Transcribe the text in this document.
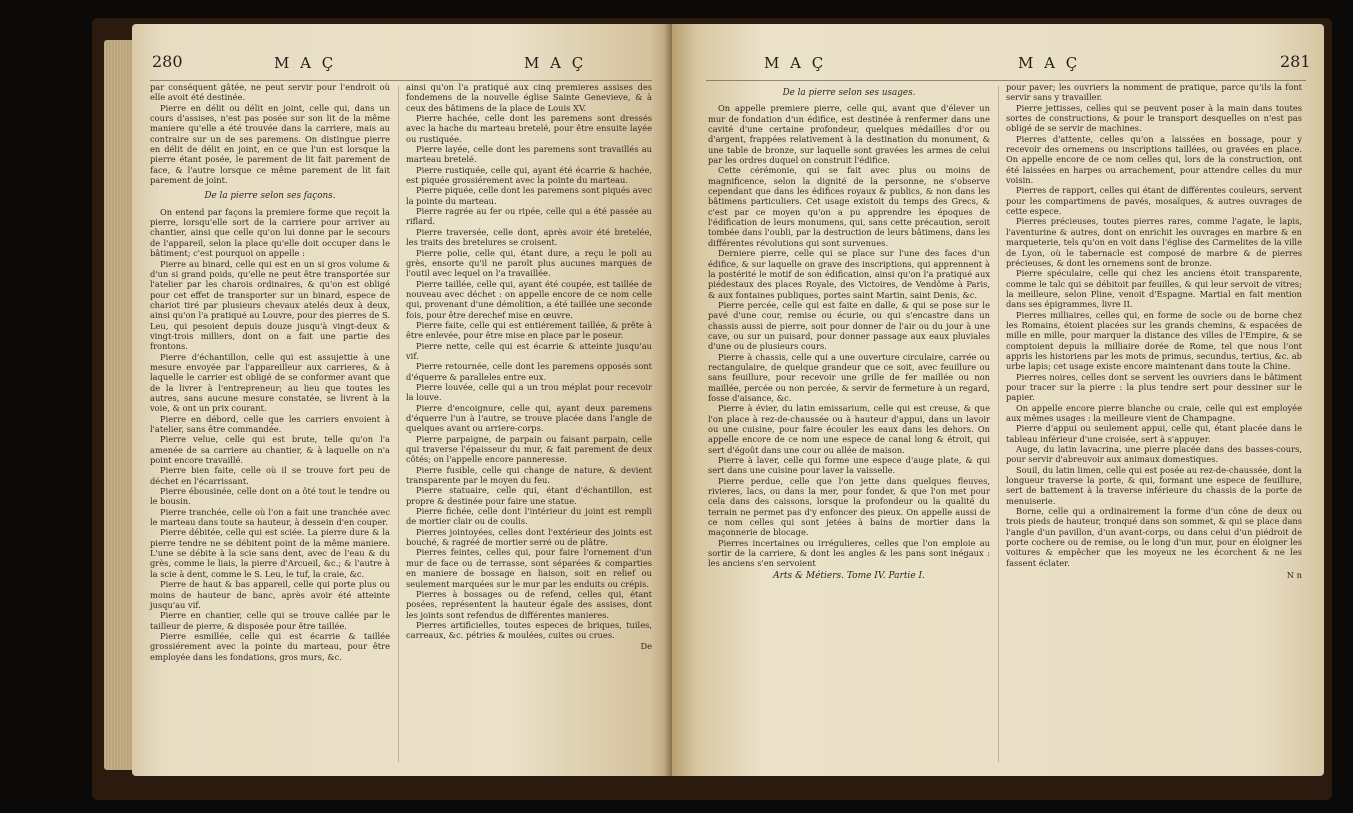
280	M A Ç	M A Ç

par conséquent gâtée, ne peut servir pour l'endroit où elle avoit été destinée.

Pierre en délit ou délit en joint, celle qui, dans un cours d'assises, n'est pas posée sur son lit de la même maniere qu'elle a été trouvée dans la carriere, mais au contraire sur un de ses paremens. On distingue pierre en délit de délit en joint, en ce que l'un est lorsque la pierre étant posée, le parement de lit fait parement de face, & l'autre lorsque ce même parement de lit fait parement de joint.

De la pierre selon ses façons.

On entend par façons la premiere forme que reçoit la pierre, lorsqu'elle sort de la carriere pour arriver au chantier, ainsi que celle qu'on lui donne par le secours de l'appareil, selon la place qu'elle doit occuper dans le bâtiment; c'est pourquoi on appelle :

Pierre au binard, celle qui est en un si gros volume & d'un si grand poids, qu'elle ne peut être transportée sur l'atelier par les charois ordinaires, & qu'on est obligé pour cet effet de transporter sur un binard, espece de chariot tiré par plusieurs chevaux atelés deux à deux, ainsi qu'on l'a pratiqué au Louvre, pour des pierres de S. Leu, qui pesoient depuis douze jusqu'à vingt-deux & vingt-trois milliers, dont on a fait une partie des frontons.

Pierre d'échantillon, celle qui est assujettie à une mesure envoyée par l'appareilleur aux carrieres, & à laquelle le carrier est obligé de se conformer avant que de la livrer à l'entrepreneur; au lieu que toutes les autres, sans aucune mesure constatée, se livrent à la voie, & ont un prix courant.

Pierre en débord, celle que les carriers envoient à l'atelier, sans être commandée.

Pierre velue, celle qui est brute, telle qu'on l'a amenée de sa carriere au chantier, & à laquelle on n'a point encore travaillé.

Pierre bien faite, celle où il se trouve fort peu de déchet en l'écarrissant.

Pierre ébousinée, celle dont on a ôté tout le tendre ou le bousin.

Pierre tranchée, celle où l'on a fait une tranchée avec le marteau dans toute sa hauteur, à dessein d'en couper.

Pierre débitée, celle qui est sciée. La pierre dure & la pierre tendre ne se débitent point de la même maniere. L'une se débite à la scie sans dent, avec de l'eau & du grès, comme le liais, la pierre d'Arcueil, &c.; & l'autre à la scie à dent, comme le S. Leu, le tuf, la craie, &c.

Pierre de haut & bas appareil, celle qui porte plus ou moins de hauteur de banc, après avoir été atteinte jusqu'au vif.

Pierre en chantier, celle qui se trouve callée par le tailleur de pierre, & disposée pour être taillée.

Pierre esmillée, celle qui est écarrie & taillée grossiérement avec la pointe du marteau, pour être employée dans les fondations, gros murs, &c.

ainsi qu'on l'a pratiqué aux cinq premieres assises des fondemens de la nouvelle église Sainte Genevieve, & à ceux des bâtimens de la place de Louis XV.

Pierre hachée, celle dont les paremens sont dressés avec la hache du marteau bretelé, pour être ensuite layée ou rustiquée.

Pierre layée, celle dont les paremens sont travaillés au marteau bretelé.

Pierre rustiquée, celle qui, ayant été écarrie & hachée, est piquée grossiérement avec la pointe du marteau.

Pierre piquée, celle dont les paremens sont piqués avec la pointe du marteau.

Pierre ragrée au fer ou ripée, celle qui a été passée au riflard.

Pierre traversée, celle dont, après avoir été bretelée, les traits des bretelures se croisent.

Pierre polie, celle qui, étant dure, a reçu le poli au grès, ensorte qu'il ne paroît plus aucunes marques de l'outil avec lequel on l'a travaillée.

Pierre taillée, celle qui, ayant été coupée, est taillée de nouveau avec déchet : on appelle encore de ce nom celle qui, provenant d'une démolition, a été taillée une seconde fois, pour être derechef mise en œuvre.

Pierre faite, celle qui est entiérement taillée, & prête à être enlevée, pour être mise en place par le poseur.

Pierre nette, celle qui est écarrie & atteinte jusqu'au vif.

Pierre retournée, celle dont les paremens opposés sont d'équerre & paralleles entre eux.

Pierre louvée, celle qui a un trou méplat pour recevoir la louve.

Pierre d'encoignure, celle qui, ayant deux paremens d'équerre l'un à l'autre, se trouve placée dans l'angle de quelques avant ou arriere-corps.

Pierre parpaigne, de parpain ou faisant parpain, celle qui traverse l'épaisseur du mur, & fait parement de deux côtés; on l'appelle encore panneresse.

Pierre fusible, celle qui change de nature, & devient transparente par le moyen du feu.

Pierre statuaire, celle qui, étant d'échantillon, est propre & destinée pour faire une statue.

Pierre fichée, celle dont l'intérieur du joint est rempli de mortier clair ou de coulis.

Pierres jointoyées, celles dont l'extérieur des joints est bouché, & ragréé de mortier serré ou de plâtre.

Pierres feintes, celles qui, pour faire l'ornement d'un mur de face ou de terrasse, sont séparées & comparties en maniere de bossage en liaison, soit en relief ou seulement marquées sur le mur par les enduits ou crépis.

Pierres à bossages ou de refend, celles qui, étant posées, représentent la hauteur égale des assises, dont les joints sont refendus de différentes manieres.

Pierres artificielles, toutes especes de briques, tuiles, carreaux, &c. pétries & moulées, cuites ou crues.

De

M A Ç	M A Ç	281

De la pierre selon ses usages.

On appelle premiere pierre, celle qui, avant que d'élever un mur de fondation d'un édifice, est destinée à renfermer dans une cavité d'une certaine profondeur, quelques médailles d'or ou d'argent, frappées relativement à la destination du monument, & une table de bronze, sur laquelle sont gravées les armes de celui par les ordres duquel on construit l'édifice.

Cette cérémonie, qui se fait avec plus ou moins de magnificence, selon la dignité de la personne, ne s'observe cependant que dans les édifices royaux & publics, & non dans les bâtimens particuliers. Cet usage existoit du temps des Grecs, & c'est par ce moyen qu'on a pu apprendre les époques de l'édification de leurs monumens, qui, sans cette précaution, seroit tombée dans l'oubli, par la destruction de leurs bâtimens, dans les différentes révolutions qui sont survenues.

Derniere pierre, celle qui se place sur l'une des faces d'un édifice, & sur laquelle on grave des inscriptions, qui apprennent à la postérité le motif de son édification, ainsi qu'on l'a pratiqué aux piédestaux des places Royale, des Victoires, de Vendôme à Paris, & aux fontaines publiques, portes saint Martin, saint Denis, &c.

Pierre percée, celle qui est faite en dalle, & qui se pose sur le pavé d'une cour, remise ou écurie, ou qui s'encastre dans un chassis aussi de pierre, soit pour donner de l'air ou du jour à une cave, ou sur un puisard, pour donner passage aux eaux pluviales d'une ou de plusieurs cours.

Pierre à chassis, celle qui a une ouverture circulaire, carrée ou rectangulaire, de quelque grandeur que ce soit, avec feuillure ou sans feuillure, pour recevoir une grille de fer maillée ou non maillée, percée ou non percée, & servir de fermeture à un regard, fosse d'aisance, &c.

Pierre à évier, du latin emissarium, celle qui est creuse, & que l'on place à rez-de-chaussée ou à hauteur d'appui, dans un lavoir ou une cuisine, pour faire écouler les eaux dans les dehors. On appelle encore de ce nom une espece de canal long & étroit, qui sert d'égoût dans une cour ou allée de maison.

Pierre à laver, celle qui forme une espece d'auge plate, & qui sert dans une cuisine pour laver la vaisselle.

Pierre perdue, celle que l'on jette dans quelques fleuves, rivieres, lacs, ou dans la mer, pour fonder, & que l'on met pour cela dans des caissons, lorsque la profondeur ou la qualité du terrain ne permet pas d'y enfoncer des pieux. On appelle aussi de ce nom celles qui sont jetées à bains de mortier dans la maçonnerie de blocage.

Pierres incertaines ou irrégulieres, celles que l'on emploie au sortir de la carriere, & dont les angles & les pans sont inégaux : les anciens s'en servoient

Arts & Métiers. Tome IV. Partie I.

pour paver; les ouvriers la nomment de pratique, parce qu'ils la font servir sans y travailler.

Pierre jettisses, celles qui se peuvent poser à la main dans toutes sortes de constructions, & pour le transport desquelles on n'est pas obligé de se servir de machines.

Pierres d'attente, celles qu'on a laissées en bossage, pour y recevoir des ornemens ou inscriptions taillées, ou gravées en place. On appelle encore de ce nom celles qui, lors de la construction, ont été laissées en harpes ou arrachement, pour attendre celles du mur voisin.

Pierres de rapport, celles qui étant de différentes couleurs, servent pour les compartimens de pavés, mosaïques, & autres ouvrages de cette espece.

Pierres précieuses, toutes pierres rares, comme l'agate, le lapis, l'aventurine & autres, dont on enrichit les ouvrages en marbre & en marqueterie, tels qu'on en voit dans l'église des Carmelites de la ville de Lyon, où le tabernacle est composé de marbre & de pierres précieuses, & dont les ornemens sont de bronze.

Pierre spéculaire, celle qui chez les anciens étoit transparente, comme le talc qui se débitoit par feuilles, & qui leur servoit de vitres; la meilleure, selon Pline, venoit d'Espagne. Martial en fait mention dans ses épigrammes, livre II.

Pierres milliaires, celles qui, en forme de socle ou de borne chez les Romains, étoient placées sur les grands chemins, & espacées de mille en mille, pour marquer la distance des villes de l'Empire, & se comptoient depuis la milliaire dorée de Rome, tel que nous l'ont appris les historiens par les mots de primus, secundus, tertius, &c. ab urbe lapis; cet usage existe encore maintenant dans toute la Chine.

Pierres noires, celles dont se servent les ouvriers dans le bâtiment pour tracer sur la pierre : la plus tendre sert pour dessiner sur le papier.

On appelle encore pierre blanche ou craie, celle qui est employée aux mêmes usages : la meilleure vient de Champagne.

Pierre d'appui ou seulement appui, celle qui, étant placée dans le tableau inférieur d'une croisée, sert à s'appuyer.

Auge, du latin lavacrina, une pierre placée dans des basses-cours, pour servir d'abreuvoir aux animaux domestiques.

Souil, du latin limen, celle qui est posée au rez-de-chaussée, dont la longueur traverse la porte, & qui, formant une espece de feuillure, sert de battement à la traverse inférieure du chassis de la porte de menuiserie.

Borne, celle qui a ordinairement la forme d'un cône de deux ou trois pieds de hauteur, tronqué dans son sommet, & qui se place dans l'angle d'un pavillon, d'un avant-corps, ou dans celui d'un piédroit de porte cochere ou de remise, ou le long d'un mur, pour en éloigner les voitures & empêcher que les moyeux ne les écorchent & ne les fassent éclater.

N n
